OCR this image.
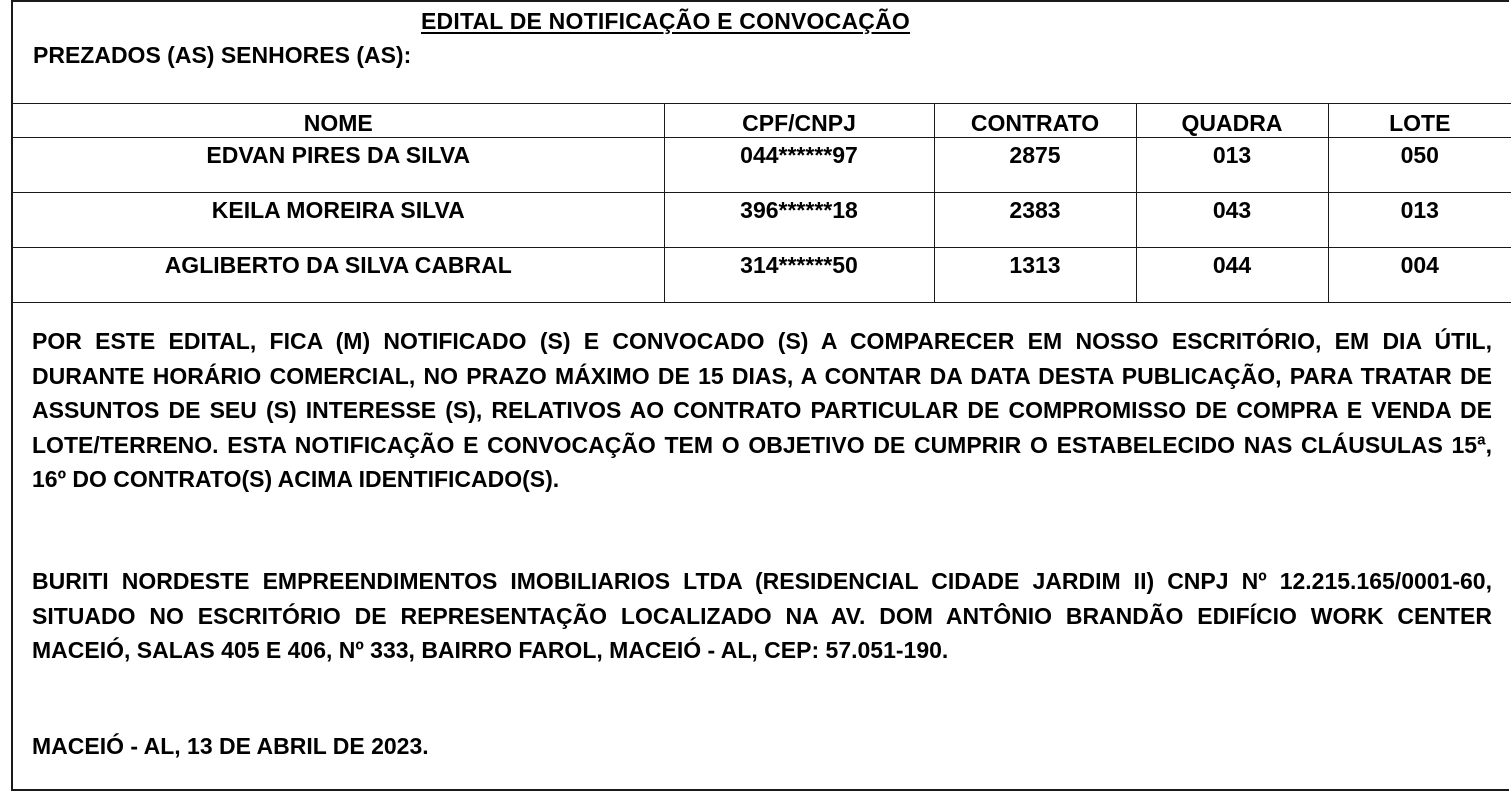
EDITAL DE NOTIFICAÇÃO E CONVOCAÇÃO
PREZADOS (AS) SENHORES (AS):
NOME	CPF/CNPJ	CONTRATO	QUADRA	LOTE
EDVAN PIRES DA SILVA	044******97	2875	013	050
KEILA MOREIRA SILVA	396******18	2383	043	013
AGLIBERTO DA SILVA CABRAL	314******50	1313	044	004
POR ESTE EDITAL, FICA (M) NOTIFICADO (S) E CONVOCADO (S) A COMPARECER EM NOSSO ESCRITÓRIO, EM DIA ÚTIL, DURANTE HORÁRIO COMERCIAL, NO PRAZO MÁXIMO DE 15 DIAS, A CONTAR DA DATA DESTA PUBLICAÇÃO, PARA TRATAR DE ASSUNTOS DE SEU (S) INTERESSE (S), RELATIVOS AO CONTRATO PARTICULAR DE COMPROMISSO DE COMPRA E VENDA DE LOTE/TERRENO. ESTA NOTIFICAÇÃO E CONVOCAÇÃO TEM O OBJETIVO DE CUMPRIR O ESTABELECIDO NAS CLÁUSULAS 15ª, 16º DO CONTRATO(S) ACIMA IDENTIFICADO(S).
BURITI NORDESTE EMPREENDIMENTOS IMOBILIARIOS LTDA (RESIDENCIAL CIDADE JARDIM II) CNPJ Nº 12.215.165/0001-60, SITUADO NO ESCRITÓRIO DE REPRESENTAÇÃO LOCALIZADO NA AV. DOM ANTÔNIO BRANDÃO EDIFÍCIO WORK CENTER MACEIÓ, SALAS 405 E 406, Nº 333, BAIRRO FAROL, MACEIÓ - AL, CEP: 57.051-190.
MACEIÓ - AL, 13 DE ABRIL DE 2023.
